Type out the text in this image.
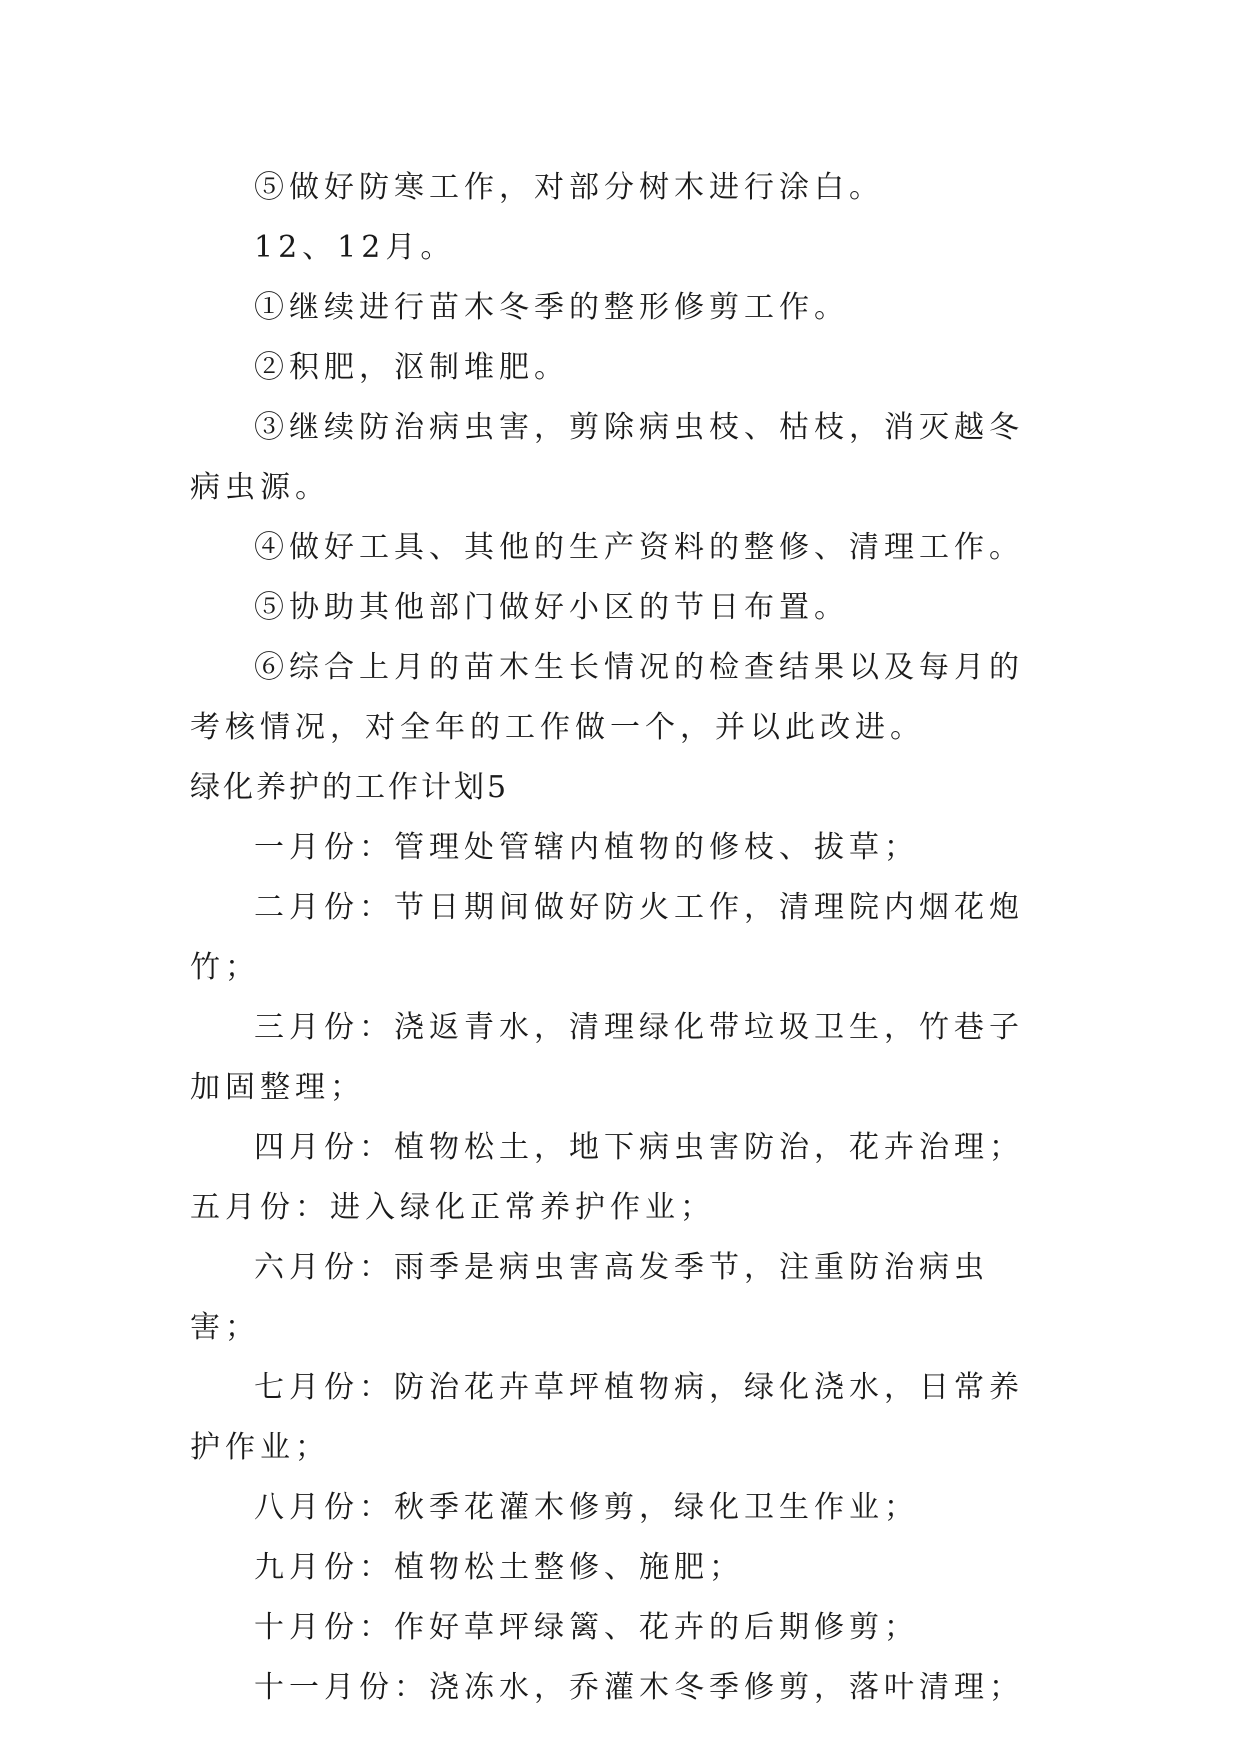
⑤做好防寒工作，对部分树木进行涂白。

12、12月。

①继续进行苗木冬季的整形修剪工作。

②积肥，沤制堆肥。

③继续防治病虫害，剪除病虫枝、枯枝，消灭越冬病虫源。

④做好工具、其他的生产资料的整修、清理工作。

⑤协助其他部门做好小区的节日布置。

⑥综合上月的苗木生长情况的检查结果以及每月的考核情况，对全年的工作做一个，并以此改进。

绿化养护的工作计划5

一月份：管理处管辖内植物的修枝、拔草；

二月份：节日期间做好防火工作，清理院内烟花炮竹；

三月份：浇返青水，清理绿化带垃圾卫生，竹巷子加固整理；

四月份：植物松土，地下病虫害防治，花卉治理；五月份：进入绿化正常养护作业；

六月份：雨季是病虫害高发季节，注重防治病虫害；

七月份：防治花卉草坪植物病，绿化浇水，日常养护作业；

八月份：秋季花灌木修剪，绿化卫生作业；

九月份：植物松土整修、施肥；

十月份：作好草坪绿篱、花卉的后期修剪；

十一月份：浇冻水，乔灌木冬季修剪，落叶清理；
